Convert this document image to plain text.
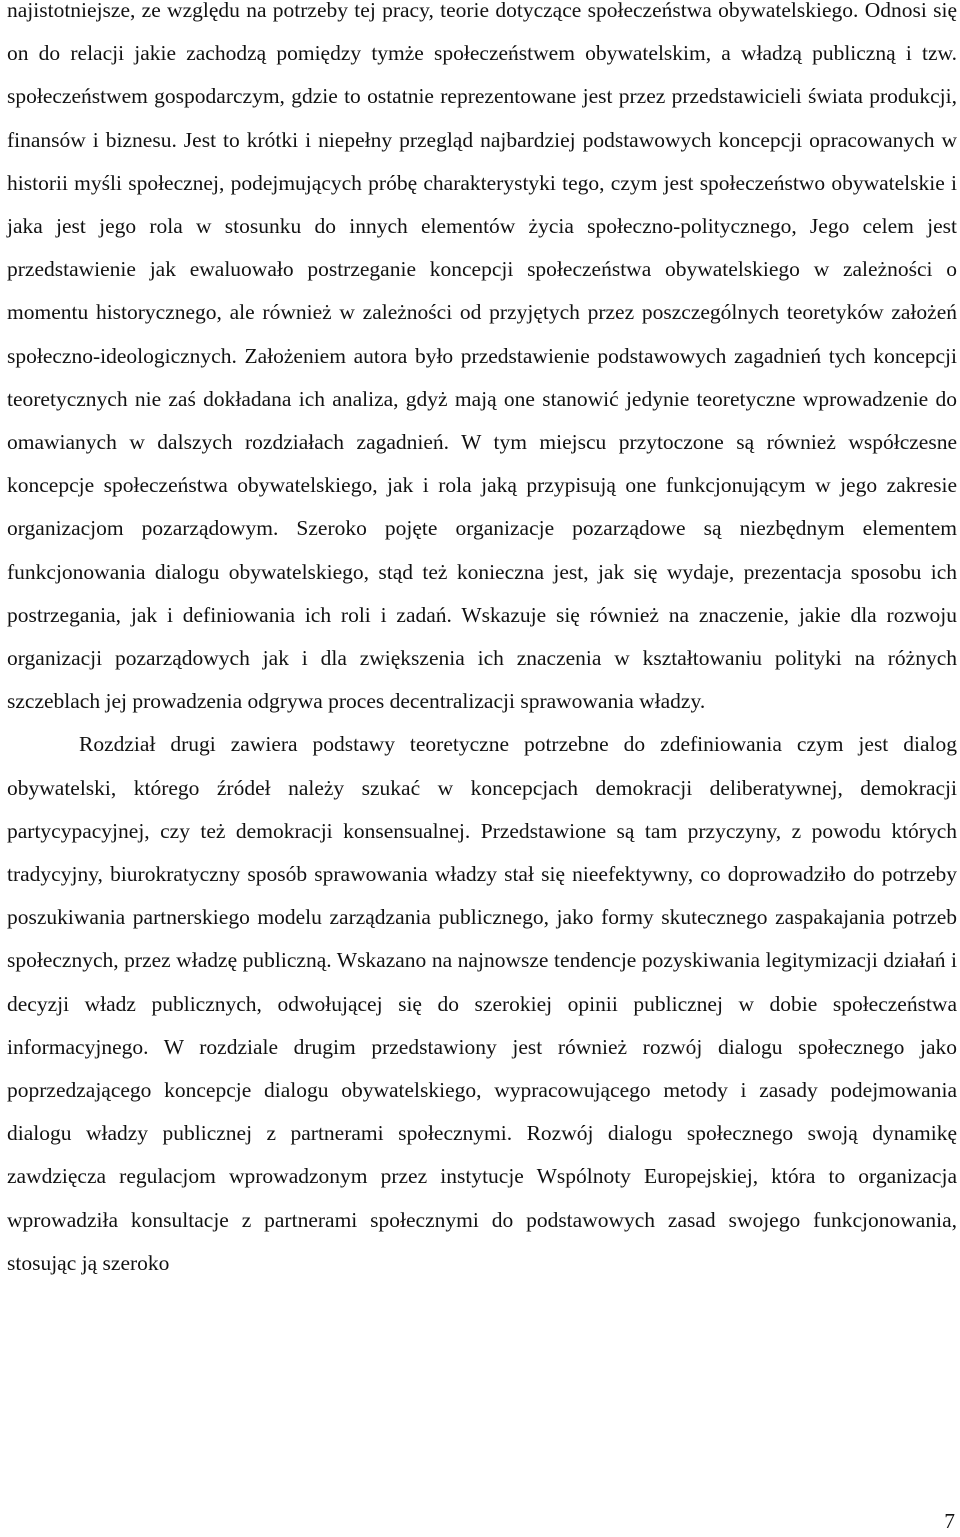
najistotniejsze, ze względu na potrzeby tej pracy, teorie dotyczące społeczeństwa obywatelskiego. Odnosi się on do relacji jakie zachodzą pomiędzy tymże społeczeństwem obywatelskim, a władzą publiczną i tzw. społeczeństwem gospodarczym, gdzie to ostatnie reprezentowane jest przez przedstawicieli świata produkcji, finansów i biznesu. Jest to krótki i niepełny przegląd najbardziej podstawowych koncepcji opracowanych w historii myśli społecznej, podejmujących próbę charakterystyki tego, czym jest społeczeństwo obywatelskie i jaka jest jego rola w stosunku do innych elementów życia społeczno-politycznego, Jego celem jest przedstawienie jak ewaluowało postrzeganie koncepcji społeczeństwa obywatelskiego w zależności o momentu historycznego, ale również w zależności od przyjętych przez poszczególnych teoretyków założeń społeczno-ideologicznych. Założeniem autora było przedstawienie podstawowych zagadnień tych koncepcji teoretycznych nie zaś dokładana ich analiza, gdyż mają one stanowić jedynie teoretyczne wprowadzenie do omawianych w dalszych rozdziałach zagadnień. W tym miejscu przytoczone są również współczesne koncepcje społeczeństwa obywatelskiego, jak i rola jaką przypisują one funkcjonującym w jego zakresie organizacjom pozarządowym. Szeroko pojęte organizacje pozarządowe są niezbędnym elementem funkcjonowania dialogu obywatelskiego, stąd też konieczna jest, jak się wydaje, prezentacja sposobu ich postrzegania, jak i definiowania ich roli i zadań. Wskazuje się również na znaczenie, jakie dla rozwoju organizacji pozarządowych jak i dla zwiększenia ich znaczenia w kształtowaniu polityki na różnych szczeblach jej prowadzenia odgrywa proces decentralizacji sprawowania władzy.

Rozdział drugi zawiera podstawy teoretyczne potrzebne do zdefiniowania czym jest dialog obywatelski, którego źródeł należy szukać w koncepcjach demokracji deliberatywnej, demokracji partycypacyjnej, czy też demokracji konsensualnej. Przedstawione są tam przyczyny, z powodu których tradycyjny, biurokratyczny sposób sprawowania władzy stał się nieefektywny, co doprowadziło do potrzeby poszukiwania partnerskiego modelu zarządzania publicznego, jako formy skutecznego zaspakajania potrzeb społecznych, przez władzę publiczną. Wskazano na najnowsze tendencje pozyskiwania legitymizacji działań i decyzji władz publicznych, odwołującej się do szerokiej opinii publicznej w dobie społeczeństwa informacyjnego. W rozdziale drugim przedstawiony jest również rozwój dialogu społecznego jako poprzedzającego koncepcje dialogu obywatelskiego, wypracowującego metody i zasady podejmowania dialogu władzy publicznej z partnerami społecznymi. Rozwój dialogu społecznego swoją dynamikę zawdzięcza regulacjom wprowadzonym przez instytucje Wspólnoty Europejskiej, która to organizacja wprowadziła konsultacje z partnerami społecznymi do podstawowych zasad swojego funkcjonowania, stosując ją szeroko

7
